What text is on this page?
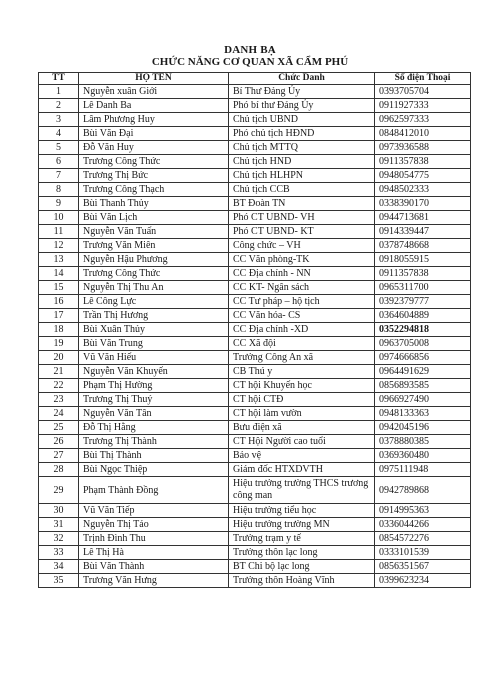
DANH BẠ
CHỨC NĂNG CƠ QUAN XÃ CẨM PHÚ
TT	HỌ TÊN	Chức Danh	Số điện Thoại
1	Nguyễn xuân Giới	Bí Thư Đảng Ủy	0393705704
2	Lê Danh Ba	Phó bí thư Đảng Ủy	0911927333
3	Lâm Phương Huy	Chủ tịch UBND	0962597333
4	Bùi Văn Đại	Phó chủ tịch HĐND	0848412010
5	Đỗ Văn Huy	Chủ tịch MTTQ	0973936588
6	Trương Công Thức	Chủ tịch HND	0911357838
7	Trương Thị Bức	Chủ tịch HLHPN	0948054775
8	Trương Công Thạch	Chủ tịch CCB	0948502333
9	Bùi Thanh Thủy	BT Đoàn TN	0338390170
10	Bùi Văn Lịch	Phó CT UBND- VH	0944713681
11	Nguyễn Văn Tuấn	Phó CT UBND- KT	0914339447
12	Trương Văn Miên	Công chức – VH	0378748668
13	Nguyễn Hậu Phương	CC Văn phòng-TK	0918055915
14	Trương Công Thức	CC Địa chính - NN	0911357838
15	Nguyễn Thị Thu An	CC KT- Ngân sách	0965311700
16	Lê Công Lực	CC Tư pháp – hộ tịch	0392379777
17	Trần Thị Hương	CC Văn hóa- CS	0364604889
18	Bùi Xuân Thủy	CC Địa chính -XD	0352294818
19	Bùi Văn Trung	CC Xã đội	0963705008
20	Vũ Văn Hiếu	Trưởng Công An xã	0974666856
21	Nguyễn Văn Khuyến	CB Thú y	0964491629
22	Phạm Thị Hường	CT hội Khuyến học	0856893585
23	Trương Thị Thuý	CT hội CTĐ	0966927490
24	Nguyễn Văn Tân	CT hội làm vườn	0948133363
25	Đỗ Thị Hằng	Bưu điện xã	0942045196
26	Trương Thị Thành	CT Hội Người cao tuổi	0378880385
27	Bùi Thị Thành	Bảo vệ	0369360480
28	Bùi Ngọc Thiệp	Giám đốc HTXDVTH	0975111948
29	Phạm Thành Đồng	Hiệu trưởng trường THCS trương công man	0942789868
30	Vũ Văn Tiếp	Hiệu trưởng tiểu học	0914995363
31	Nguyễn Thị Tảo	Hiệu trưởng trường MN	0336044266
32	Trịnh Đình Thu	Trưởng trạm y tế	0854572276
33	Lê Thị Hà	Trưởng thôn lạc long	0333101539
34	Bùi Văn Thành	BT Chi bộ lạc long	0856351567
35	Trương Văn Hưng	Trưởng thôn Hoàng Vĩnh	0399623234
